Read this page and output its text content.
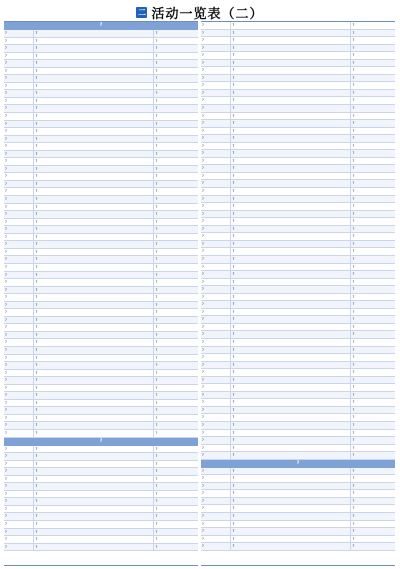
二 活动一览表（二）
?
?	?	?
?	?	?
?	?	?
?	?	?
?	?	?
?	?	?
?	?	?
?	?	?
?	?	?
?	?	?
?	?	?
?	?	?
?	?	?
?	?	?
?	?	?
?	?	?
?	?	?
?	?	?
?	?	?
?	?	?
?	?	?
?	?	?
?	?	?
?	?	?
?	?	?
?	?	?
?	?	?
?	?	?
?	?	?
?	?	?
?	?	?
?	?	?
?	?	?
?	?	?
?	?	?
?	?	?
?	?	?
?	?	?
?	?	?
?	?	?
?	?	?
?	?	?
?	?	?
?	?	?
?	?	?
?	?	?
?	?	?
?	?	?
?	?	?
?	?	?
?	?	?
?	?	?
?	?	?
?	?	?
?
?	?	?
?	?	?
?	?	?
?	?	?
?	?	?
?	?	?
?	?	?
?	?	?
?	?	?
?	?	?
?	?	?
?	?	?
?	?	?
?	?	?
?	?	?
?	?	?
?	?	?
?	?	?
?	?	?
?	?	?
?	?	?
?	?	?
?	?	?
?	?	?
?	?	?
?	?	?
?	?	?
?	?	?
?	?	?
?	?	?
?	?	?
?	?	?
?	?	?
?	?	?
?	?	?
?	?	?
?	?	?
?	?	?
?	?	?
?	?	?
?	?	?
?	?	?
?	?	?
?	?	?
?	?	?
?	?	?
?	?	?
?	?	?
?	?	?
?	?	?
?	?	?
?	?	?
?	?	?
?	?	?
?	?	?
?	?	?
?	?	?
?	?	?
?	?	?
?	?	?
?	?	?
?	?	?
?	?	?
?	?	?
?	?	?
?	?	?
?	?	?
?	?	?
?	?	?
?	?	?
?	?	?
?	?	?
?
?	?	?
?	?	?
?	?	?
?	?	?
?	?	?
?	?	?
?	?	?
?	?	?
?	?	?
?	?	?
?	?	?
